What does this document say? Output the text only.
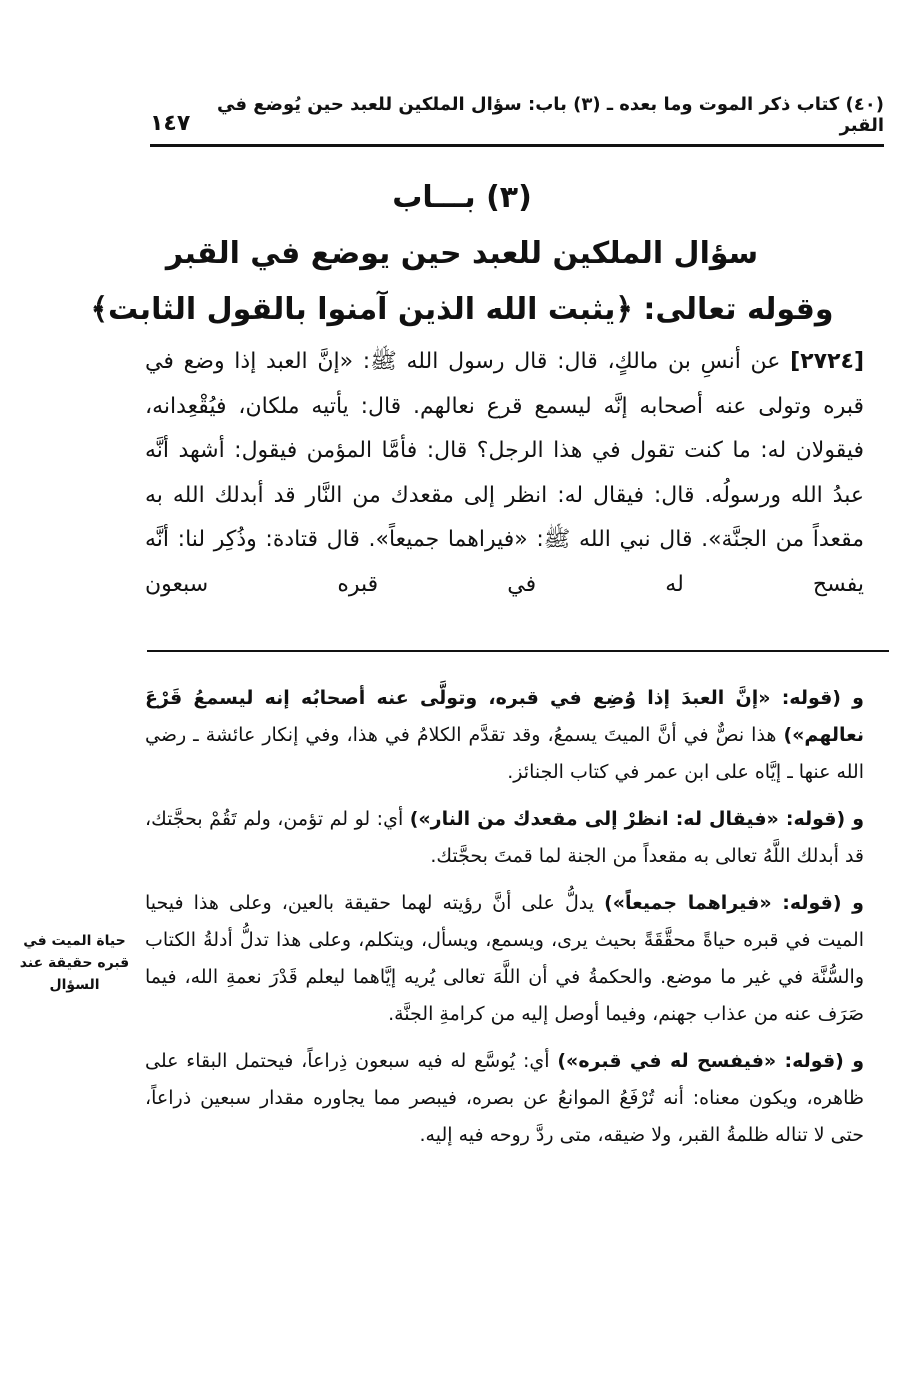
(٤٠) كتاب ذكر الموت وما بعده ـ (٣) باب: سؤال الملكين للعبد حين يُوضع في القبر
١٤٧
(٣) بـــاب
سؤال الملكين للعبد حين يوضع في القبر
وقوله تعالى: ﴿يثبت الله الذين آمنوا بالقول الثابت﴾

[٢٧٢٤] عن أنسِ بن مالكٍ، قال: قال رسول الله ﷺ: «إنَّ العبد إذا وضع في قبره وتولى عنه أصحابه إنَّه ليسمع قرع نعالهم. قال: يأتيه ملكان، فيُقْعِدانه، فيقولان له: ما كنت تقول في هذا الرجل؟ قال: فأمَّا المؤمن فيقول: أشهد أنَّه عبدُ الله ورسولُه. قال: فيقال له: انظر إلى مقعدك من النَّار قد أبدلك الله به مقعداً من الجنَّة». قال نبي الله ﷺ: «فيراهما جميعاً». قال قتادة: وذُكِر لنا: أنَّه يفسح له في قبره سبعون

و (قوله: «إنَّ العبدَ إذا وُضِع في قبره، وتولَّى عنه أصحابُه إنه ليسمعُ قَرْعَ نعالهم») هذا نصٌّ في أنَّ الميتَ يسمعُ، وقد تقدَّم الكلامُ في هذا، وفي إنكار عائشة ـ رضي الله عنها ـ إيَّاه على ابن عمر في كتاب الجنائز.

و (قوله: «فيقال له: انظرْ إلى مقعدك من النار») أي: لو لم تؤمن، ولم تَقُمْ بحجَّتك، قد أبدلك اللَّهُ تعالى به مقعداً من الجنة لما قمتَ بحجَّتك.

و (قوله: «فيراهما جميعاً») يدلُّ على أنَّ رؤيته لهما حقيقة بالعين، وعلى هذا فيحيا الميت في قبره حياةً محقَّقَةً بحيث يرى، ويسمع، ويسأل، ويتكلم، وعلى هذا تدلُّ أدلةُ الكتاب والسُّنَّة في غير ما موضع. والحكمةُ في أن اللَّهَ تعالى يُريه إيَّاهما ليعلم قَدْرَ نعمةِ الله، فيما صَرَف عنه من عذاب جهنم، وفيما أوصل إليه من كرامةِ الجنَّة.

و (قوله: «فيفسح له في قبره») أي: يُوسَّع له فيه سبعون ذِراعاً، فيحتمل البقاء على ظاهره، ويكون معناه: أنه تُرْفَعُ الموانعُ عن بصره، فيبصر مما يجاوره مقدار سبعين ذراعاً، حتى لا تناله ظلمةُ القبر، ولا ضيقه، متى ردَّ روحه فيه إليه.

حياة الميت في قبره حقيقة عند السؤال
